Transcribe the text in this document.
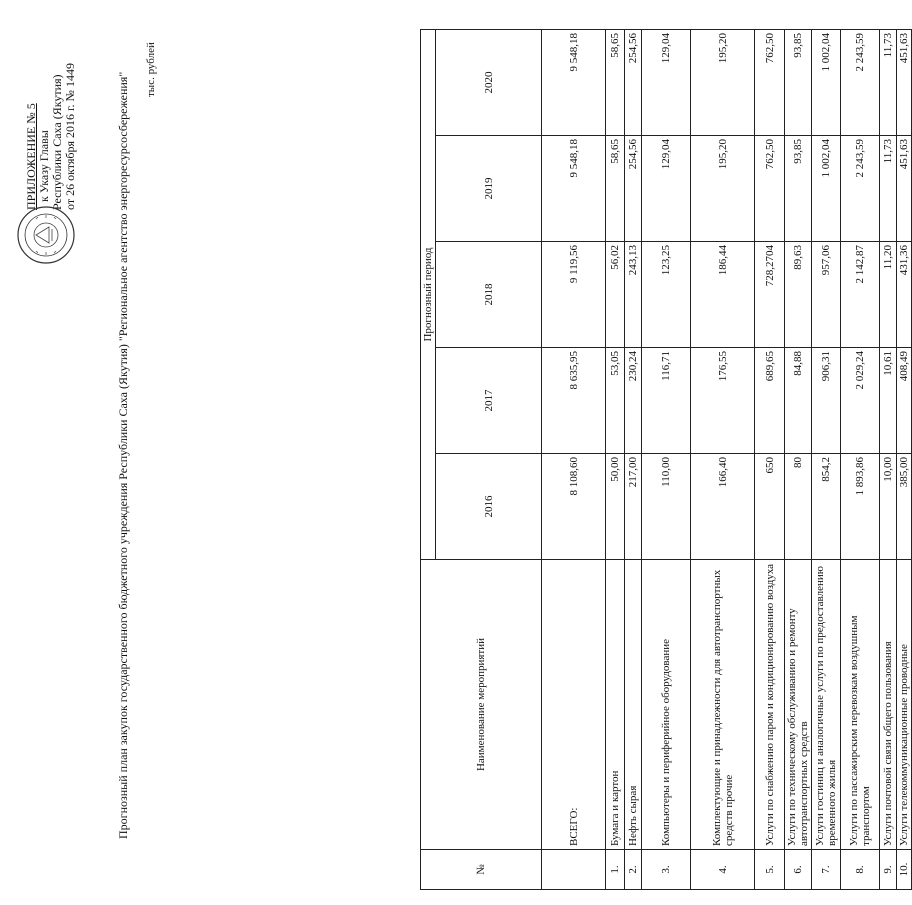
ПРИЛОЖЕНИЕ № 5 к Указу Главы Республики Саха (Якутия) от 26 октября 2016 г. № 1449	Прогнозный план закупок государственного бюджетного учреждения Республики Саха (Якутия) "Региональное агентство энергоресурсосбережения"
тыс. рублей
№	Наименование мероприятий	Прогнозный период				
		2016	2017	2018	2019	2020
	ВСЕГО:	8 108,60	8 635,95	9 119,56	9 548,18	9 548,18
1.	Бумага и картон	50,00	53,05	56,02	58,65	58,65
2.	Нефть сырая	217,00	230,24	243,13	254,56	254,56
3.	Компьютеры и периферийное оборудование	110,00	116,71	123,25	129,04	129,04
4.	Комплектующие и принадлежности для автотранспортных средств прочие	166,40	176,55	186,44	195,20	195,20
5.	Услуги по снабжению паром и кондиционированию воздуха	650	689,65	728,2704	762,50	762,50
6.	Услуги по техническому обслуживанию и ремонту автотранспортных средств	80	84,88	89,63	93,85	93,85
7.	Услуги гостиниц и аналогичные услуги по предоставлению временного жилья	854,2	906,31	957,06	1 002,04	1 002,04
8.	Услуги по пассажирским перевозкам воздушным транспортом	1 893,86	2 029,24	2 142,87	2 243,59	2 243,59
9.	Услуги почтовой связи общего пользования	10,00	10,61	11,20	11,73	11,73
10.	Услуги телекоммуникационные проводные	385,00	408,49	431,36	451,63	451,63
